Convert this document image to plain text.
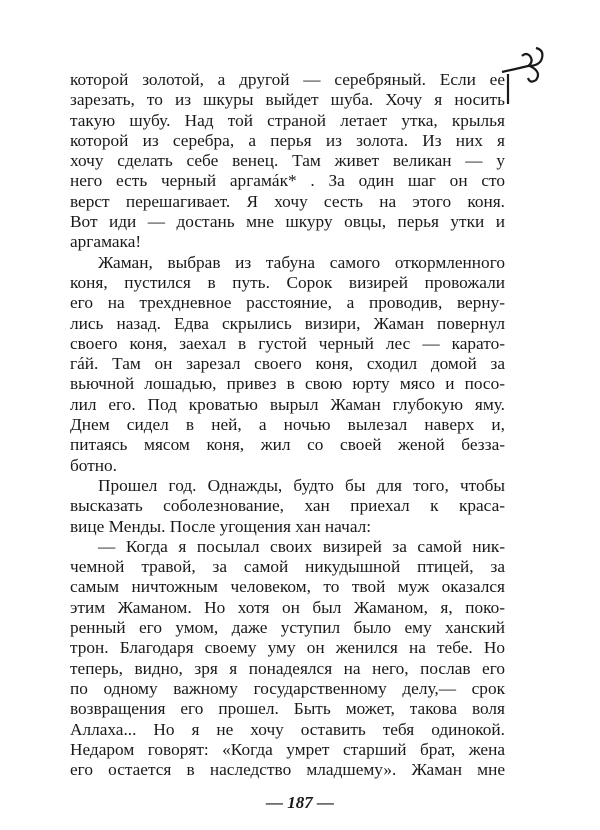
которой золотой, а другой — серебряный. Если ее
зарезать, то из шкуры выйдет шуба. Хочу я носить
такую шубу. Над той страной летает утка, крылья
которой из серебра, а перья из золота. Из них я
хочу сделать себе венец. Там живет великан — у
него есть черный аргамáк* . За один шаг он сто
верст перешагивает. Я хочу сесть на этого коня.
Вот иди — достань мне шкуру овцы, перья утки и
аргамака!
Жаман, выбрав из табуна самого откормленного
коня, пустился в путь. Сорок визирей провожали
его на трехдневное расстояние, а проводив, верну-
лись назад. Едва скрылись визири, Жаман повернул
своего коня, заехал в густой черный лес — карато-
гáй. Там он зарезал своего коня, сходил домой за
вьючной лошадью, привез в свою юрту мясо и посо-
лил его. Под кроватью вырыл Жаман глубокую яму.
Днем сидел в ней, а ночью вылезал наверх и,
питаясь мясом коня, жил со своей женой безза-
ботно.
Прошел год. Однажды, будто бы для того, чтобы
высказать соболезнование, хан приехал к краса-
вице Менды. После угощения хан начал:
— Когда я посылал своих визирей за самой ник-
чемной травой, за самой никудышной птицей, за
самым ничтожным человеком, то твой муж оказался
этим Жаманом. Но хотя он был Жаманом, я, поко-
ренный его умом, даже уступил было ему ханский
трон. Благодаря своему уму он женился на тебе. Но
теперь, видно, зря я понадеялся на него, послав его
по одному важному государственному делу,— срок
возвращения его прошел. Быть может, такова воля
Аллаха... Но я не хочу оставить тебя одинокой.
Недаром говорят: «Когда умрет старший брат, жена
его остается в наследство младшему». Жаман мне
— 187 —
